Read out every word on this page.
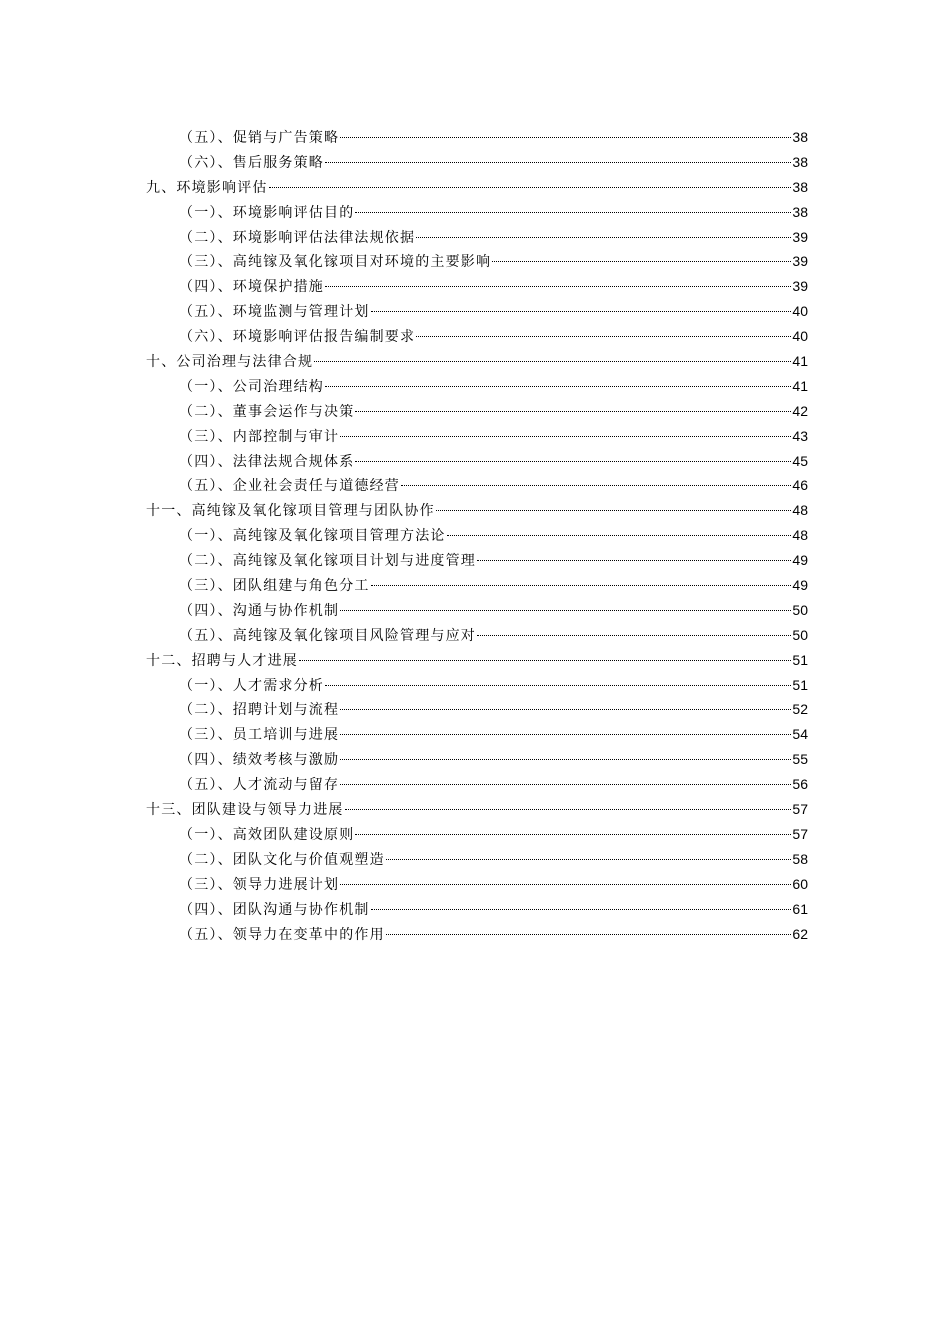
（五）、促销与广告策略	38
（六）、售后服务策略	38
九、环境影响评估	38
（一）、环境影响评估目的	38
（二）、环境影响评估法律法规依据	39
（三）、高纯镓及氧化镓项目对环境的主要影响	39
（四）、环境保护措施	39
（五）、环境监测与管理计划	40
（六）、环境影响评估报告编制要求	40
十、公司治理与法律合规	41
（一）、公司治理结构	41
（二）、董事会运作与决策	42
（三）、内部控制与审计	43
（四）、法律法规合规体系	45
（五）、企业社会责任与道德经营	46
十一、高纯镓及氧化镓项目管理与团队协作	48
（一）、高纯镓及氧化镓项目管理方法论	48
（二）、高纯镓及氧化镓项目计划与进度管理	49
（三）、团队组建与角色分工	49
（四）、沟通与协作机制	50
（五）、高纯镓及氧化镓项目风险管理与应对	50
十二、招聘与人才进展	51
（一）、人才需求分析	51
（二）、招聘计划与流程	52
（三）、员工培训与进展	54
（四）、绩效考核与激励	55
（五）、人才流动与留存	56
十三、团队建设与领导力进展	57
（一）、高效团队建设原则	57
（二）、团队文化与价值观塑造	58
（三）、领导力进展计划	60
（四）、团队沟通与协作机制	61
（五）、领导力在变革中的作用	62
